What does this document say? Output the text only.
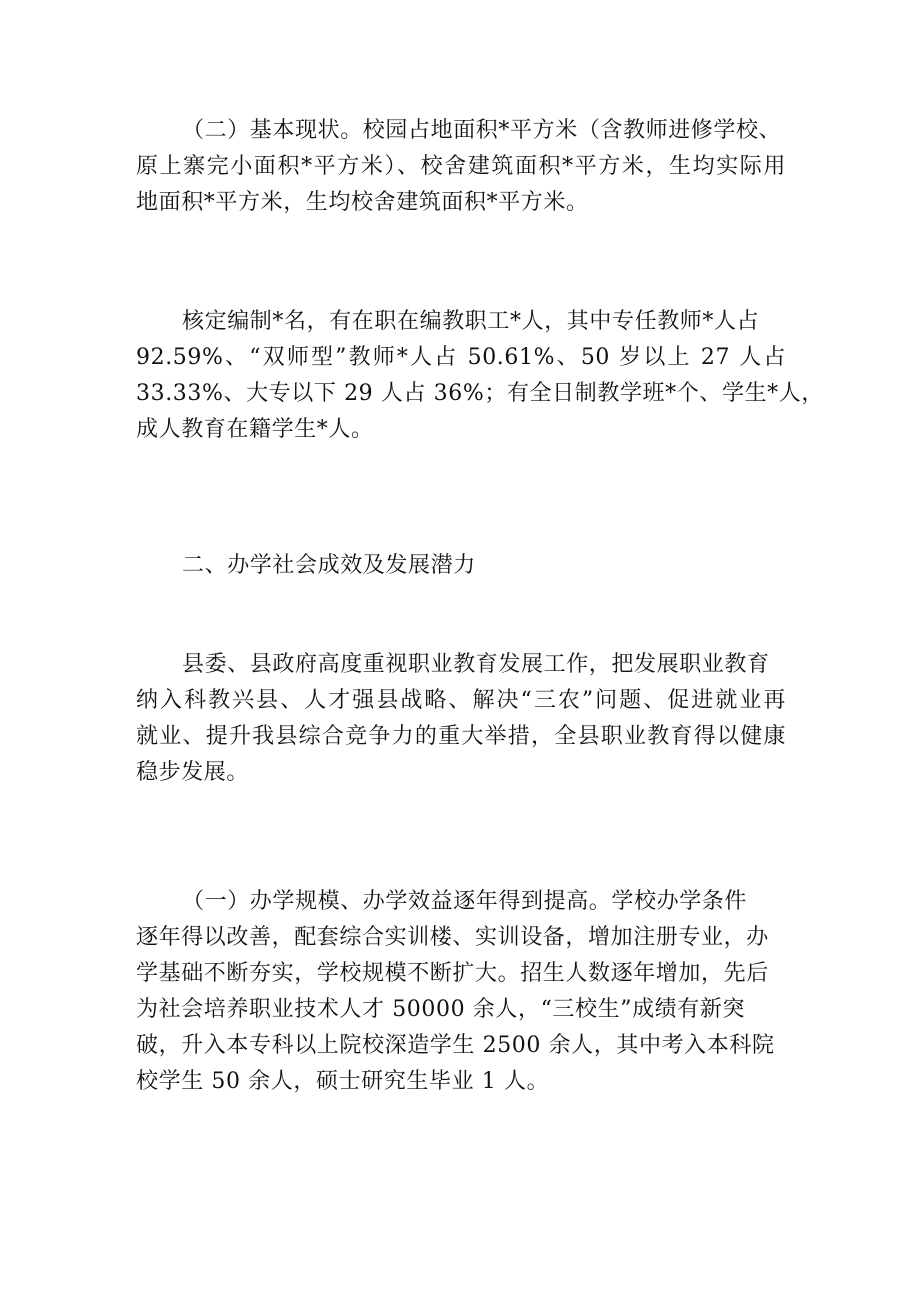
（二）基本现状。校园占地面积*平方米（含教师进修学校、
原上寨完小面积*平方米）、校舍建筑面积*平方米，生均实际用
地面积*平方米，生均校舍建筑面积*平方米。
核定编制*名，有在职在编教职工*人，其中专任教师*人占
92.59%、“双师型”教师*人占 50.61%、50 岁以上 27 人占
33.33%、大专以下 29 人占 36%；有全日制教学班*个、学生*人，
成人教育在籍学生*人。
二、办学社会成效及发展潜力
县委、县政府高度重视职业教育发展工作，把发展职业教育
纳入科教兴县、人才强县战略、解决“三农”问题、促进就业再
就业、提升我县综合竞争力的重大举措，全县职业教育得以健康
稳步发展。
（一）办学规模、办学效益逐年得到提高。学校办学条件
逐年得以改善，配套综合实训楼、实训设备，增加注册专业，办
学基础不断夯实，学校规模不断扩大。招生人数逐年增加，先后
为社会培养职业技术人才 50000 余人，“三校生”成绩有新突
破，升入本专科以上院校深造学生 2500 余人，其中考入本科院
校学生 50 余人，硕士研究生毕业 1 人。
